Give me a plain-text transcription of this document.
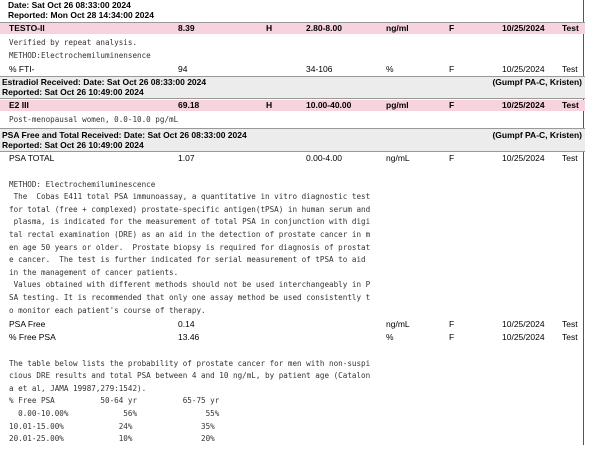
Date: Sat Oct 26 08:33:00 2024
Reported: Mon Oct 28 14:34:00 2024
TESTO-II	8.39	H	2.80-8.00	ng/ml	F	10/25/2024 Test
Verified by repeat analysis.
METHOD:Electrochemiluminensence
% FTI-	94	34-106	%	F	10/25/2024 Test
Estradiol Received: Date: Sat Oct 26 08:33:00 2024	(Gumpf PA-C, Kristen)
Reported: Sat Oct 26 10:49:00 2024
E2 III	69.18	H	10.00-40.00	pg/ml	F	10/25/2024 Test
Post-menopausal women, 0.0-10.0 pg/mL
PSA Free and Total Received: Date: Sat Oct 26 08:33:00 2024	(Gumpf PA-C, Kristen)
Reported: Sat Oct 26 10:49:00 2024
PSA TOTAL	1.07	0.00-4.00	ng/mL	F	10/25/2024 Test

METHOD: Electrochemiluminescence
The  Cobas E411 total PSA immunoassay, a quantitative in vitro diagnostic test
for total (free + complexed) prostate-specific antigen(tPSA) in human serum and
plasma, is indicated for the measurement of total PSA in conjunction with digi
tal rectal examination (DRE) as an aid in the detection of prostate cancer in m
en age 50 years or older.  Prostate biopsy is required for diagnosis of prostat
e cancer.  The test is further indicated for serial measurement of tPSA to aid
in the management of cancer patients.
Values obtained with different methods should not be used interchangeably in P
SA testing. It is recommended that only one assay method be used consistently t
o monitor each patient's course of therapy.

PSA Free	0.14	ng/mL	F	10/25/2024 Test
% Free PSA	13.46	%	F	10/25/2024 Test

The table below lists the probability of prostate cancer for men with non-suspi
cious DRE results and total PSA between 4 and 10 ng/mL, by patient age (Catalon
a et al, JAMA 19987,279:1542).
% Free PSA          50-64 yr          65-75 yr
0.00-10.00%            56%               55%
10.01-15.00%            24%               35%
20.01-25.00%            10%               20%
